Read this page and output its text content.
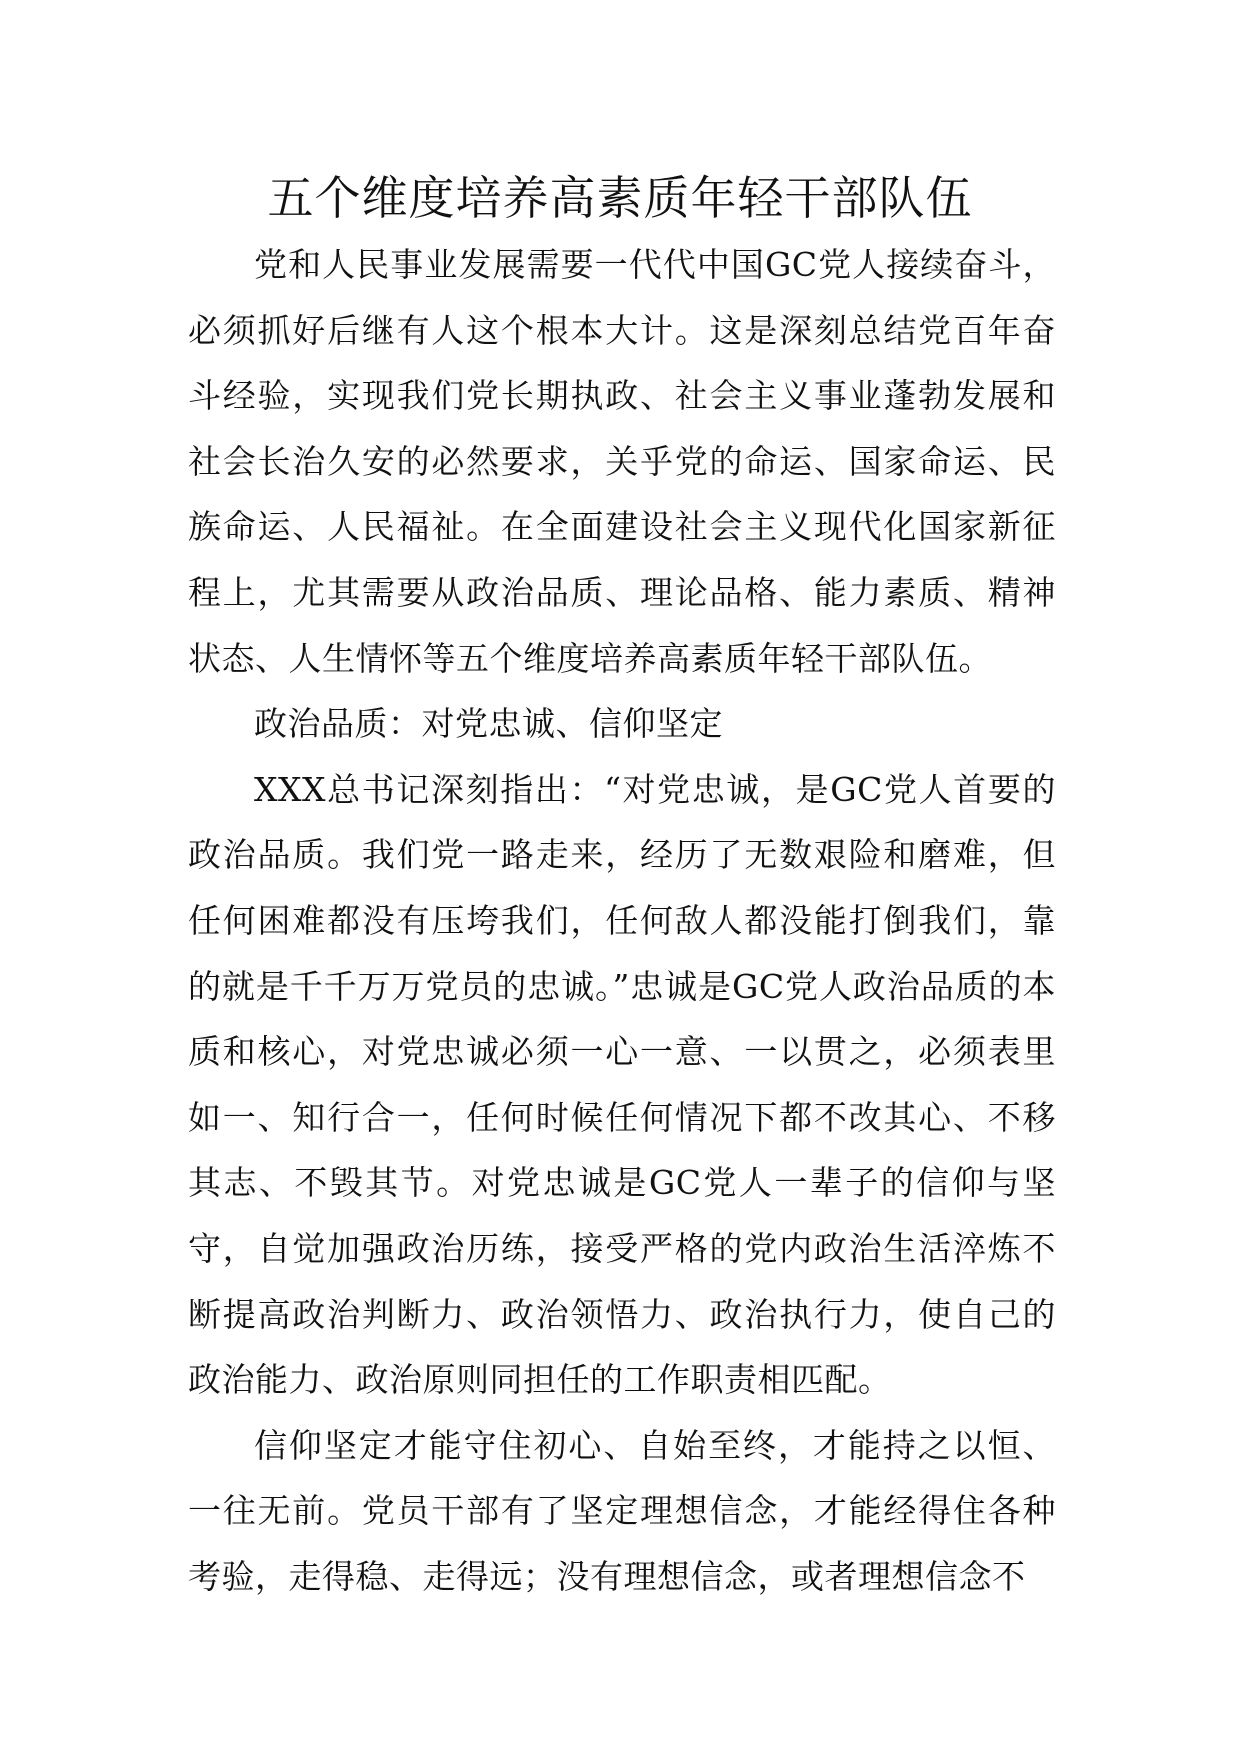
五个维度培养高素质年轻干部队伍

党和人民事业发展需要一代代中国GC党人接续奋斗，必须抓好后继有人这个根本大计。这是深刻总结党百年奋斗经验，实现我们党长期执政、社会主义事业蓬勃发展和社会长治久安的必然要求，关乎党的命运、国家命运、民族命运、人民福祉。在全面建设社会主义现代化国家新征程上，尤其需要从政治品质、理论品格、能力素质、精神状态、人生情怀等五个维度培养高素质年轻干部队伍。

政治品质：对党忠诚、信仰坚定

XXX总书记深刻指出：“对党忠诚，是GC党人首要的政治品质。我们党一路走来，经历了无数艰险和磨难，但任何困难都没有压垮我们，任何敌人都没能打倒我们，靠的就是千千万万党员的忠诚。”忠诚是GC党人政治品质的本质和核心，对党忠诚必须一心一意、一以贯之，必须表里如一、知行合一，任何时候任何情况下都不改其心、不移其志、不毁其节。对党忠诚是GC党人一辈子的信仰与坚守，自觉加强政治历练，接受严格的党内政治生活淬炼不断提高政治判断力、政治领悟力、政治执行力，使自己的政治能力、政治原则同担任的工作职责相匹配。

信仰坚定才能守住初心、自始至终，才能持之以恒、一往无前。党员干部有了坚定理想信念，才能经得住各种考验，走得稳、走得远；没有理想信念，或者理想信念不
